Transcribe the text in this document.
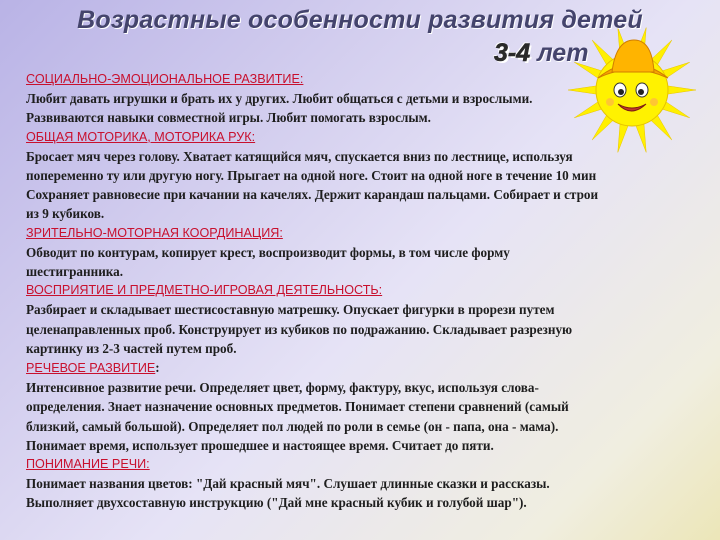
Возрастные особенности развития детей
3-4 лет
СОЦИАЛЬНО-ЭМОЦИОНАЛЬНОЕ РАЗВИТИЕ:
Любит давать игрушки и брать их у других. Любит общаться с детьми и взрослыми.
Развиваются навыки совместной игры. Любит помогать взрослым.
ОБЩАЯ МОТОРИКА, МОТОРИКА РУК:
Бросает мяч через голову. Хватает катящийся мяч, спускается вниз по лестнице, используя
попеременно ту или другую ногу. Прыгает на одной ноге. Стоит на одной ноге в течение 10 мин
Сохраняет равновесие при качании на качелях. Держит карандаш пальцами. Собирает и строи
из 9 кубиков.
ЗРИТЕЛЬНО-МОТОРНАЯ КООРДИНАЦИЯ:
Обводит по контурам, копирует крест, воспроизводит формы, в том числе форму
шестигранника.
ВОСПРИЯТИЕ И ПРЕДМЕТНО-ИГРОВАЯ ДЕЯТЕЛЬНОСТЬ:
Разбирает и складывает шестисоставную матрешку. Опускает фигурки в прорези путем
целенаправленных проб. Конструирует из кубиков по подражанию. Складывает разрезную
картинку из 2-3 частей путем проб.
РЕЧЕВОЕ РАЗВИТИЕ:
Интенсивное развитие речи. Определяет цвет, форму, фактуру, вкус, используя слова-
определения. Знает назначение основных предметов. Понимает степени сравнений (самый
близкий, самый большой). Определяет пол людей по роли в семье (он - папа, она - мама).
Понимает время, использует прошедшее и настоящее время. Считает до пяти.
ПОНИМАНИЕ РЕЧИ:
Понимает названия цветов: "Дай красный мяч". Слушает длинные сказки и рассказы.
Выполняет двухсоставную инструкцию ("Дай мне красный кубик и голубой шар").
